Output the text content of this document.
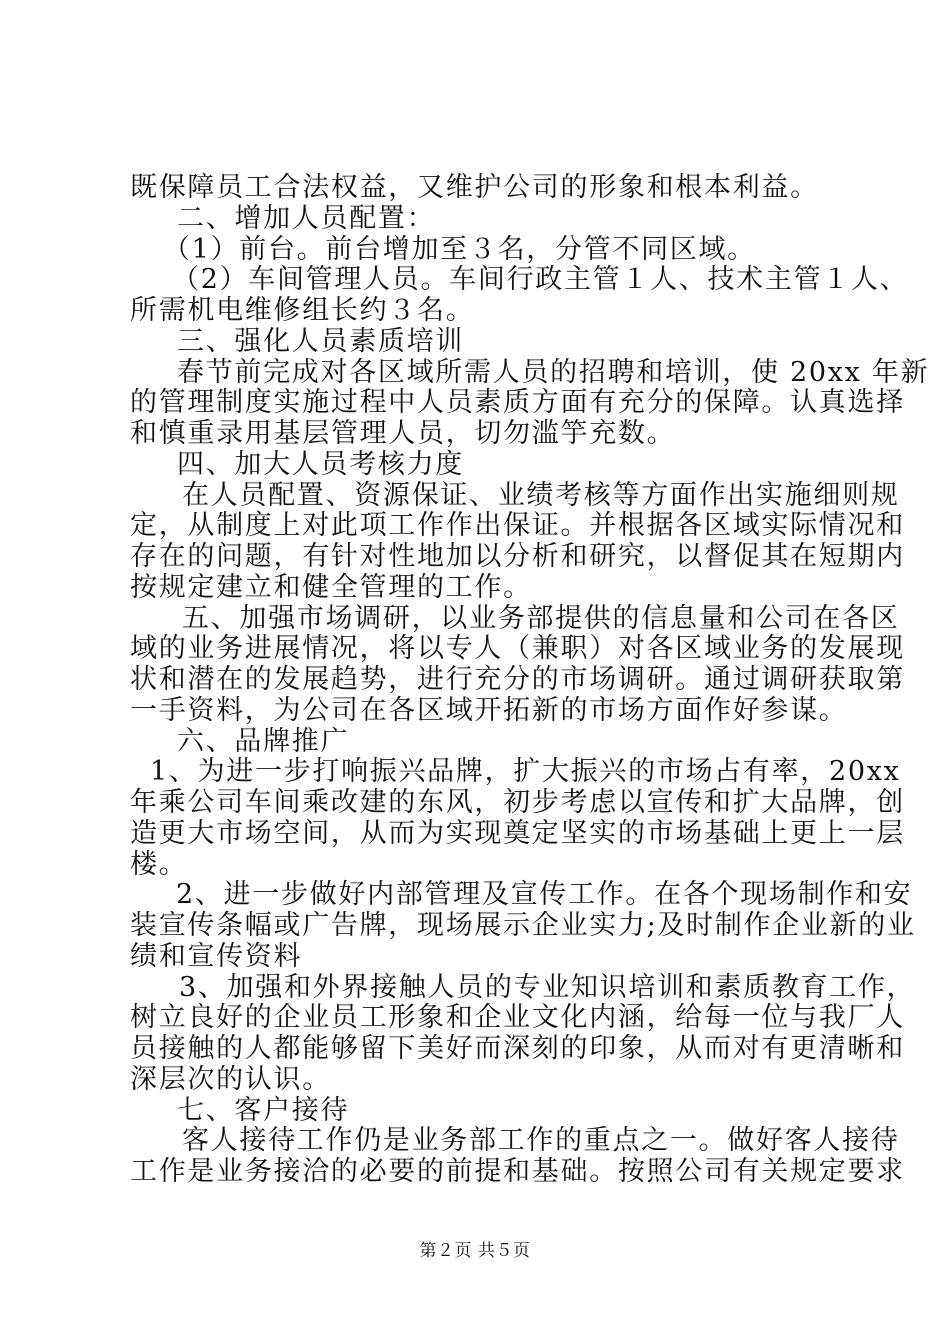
既保障员工合法权益，又维护公司的形象和根本利益。
二、增加人员配置：
（1）前台。前台增加至３名，分管不同区域。
（2）车间管理人员。车间行政主管１人、技术主管１人、
所需机电维修组长约３名。
三、强化人员素质培训
春节前完成对各区域所需人员的招聘和培训，使 20xx 年新
的管理制度实施过程中人员素质方面有充分的保障。认真选择
和慎重录用基层管理人员，切勿滥竽充数。
四、加大人员考核力度
在人员配置、资源保证、业绩考核等方面作出实施细则规
定，从制度上对此项工作作出保证。并根据各区域实际情况和
存在的问题，有针对性地加以分析和研究，以督促其在短期内
按规定建立和健全管理的工作。
五、加强市场调研，以业务部提供的信息量和公司在各区
域的业务进展情况，将以专人（兼职）对各区域业务的发展现
状和潜在的发展趋势，进行充分的市场调研。通过调研获取第
一手资料，为公司在各区域开拓新的市场方面作好参谋。
六、品牌推广
1、为进一步打响振兴品牌，扩大振兴的市场占有率，20xx
年乘公司车间乘改建的东风，初步考虑以宣传和扩大品牌，创
造更大市场空间，从而为实现奠定坚实的市场基础上更上一层
楼。
2、进一步做好内部管理及宣传工作。在各个现场制作和安
装宣传条幅或广告牌，现场展示企业实力;及时制作企业新的业
绩和宣传资料
3、加强和外界接触人员的专业知识培训和素质教育工作，
树立良好的企业员工形象和企业文化内涵，给每一位与我厂人
员接触的人都能够留下美好而深刻的印象，从而对有更清晰和
深层次的认识。
七、客户接待
客人接待工作仍是业务部工作的重点之一。做好客人接待
工作是业务接洽的必要的前提和基础。按照公司有关规定要求
第２页 共５页
